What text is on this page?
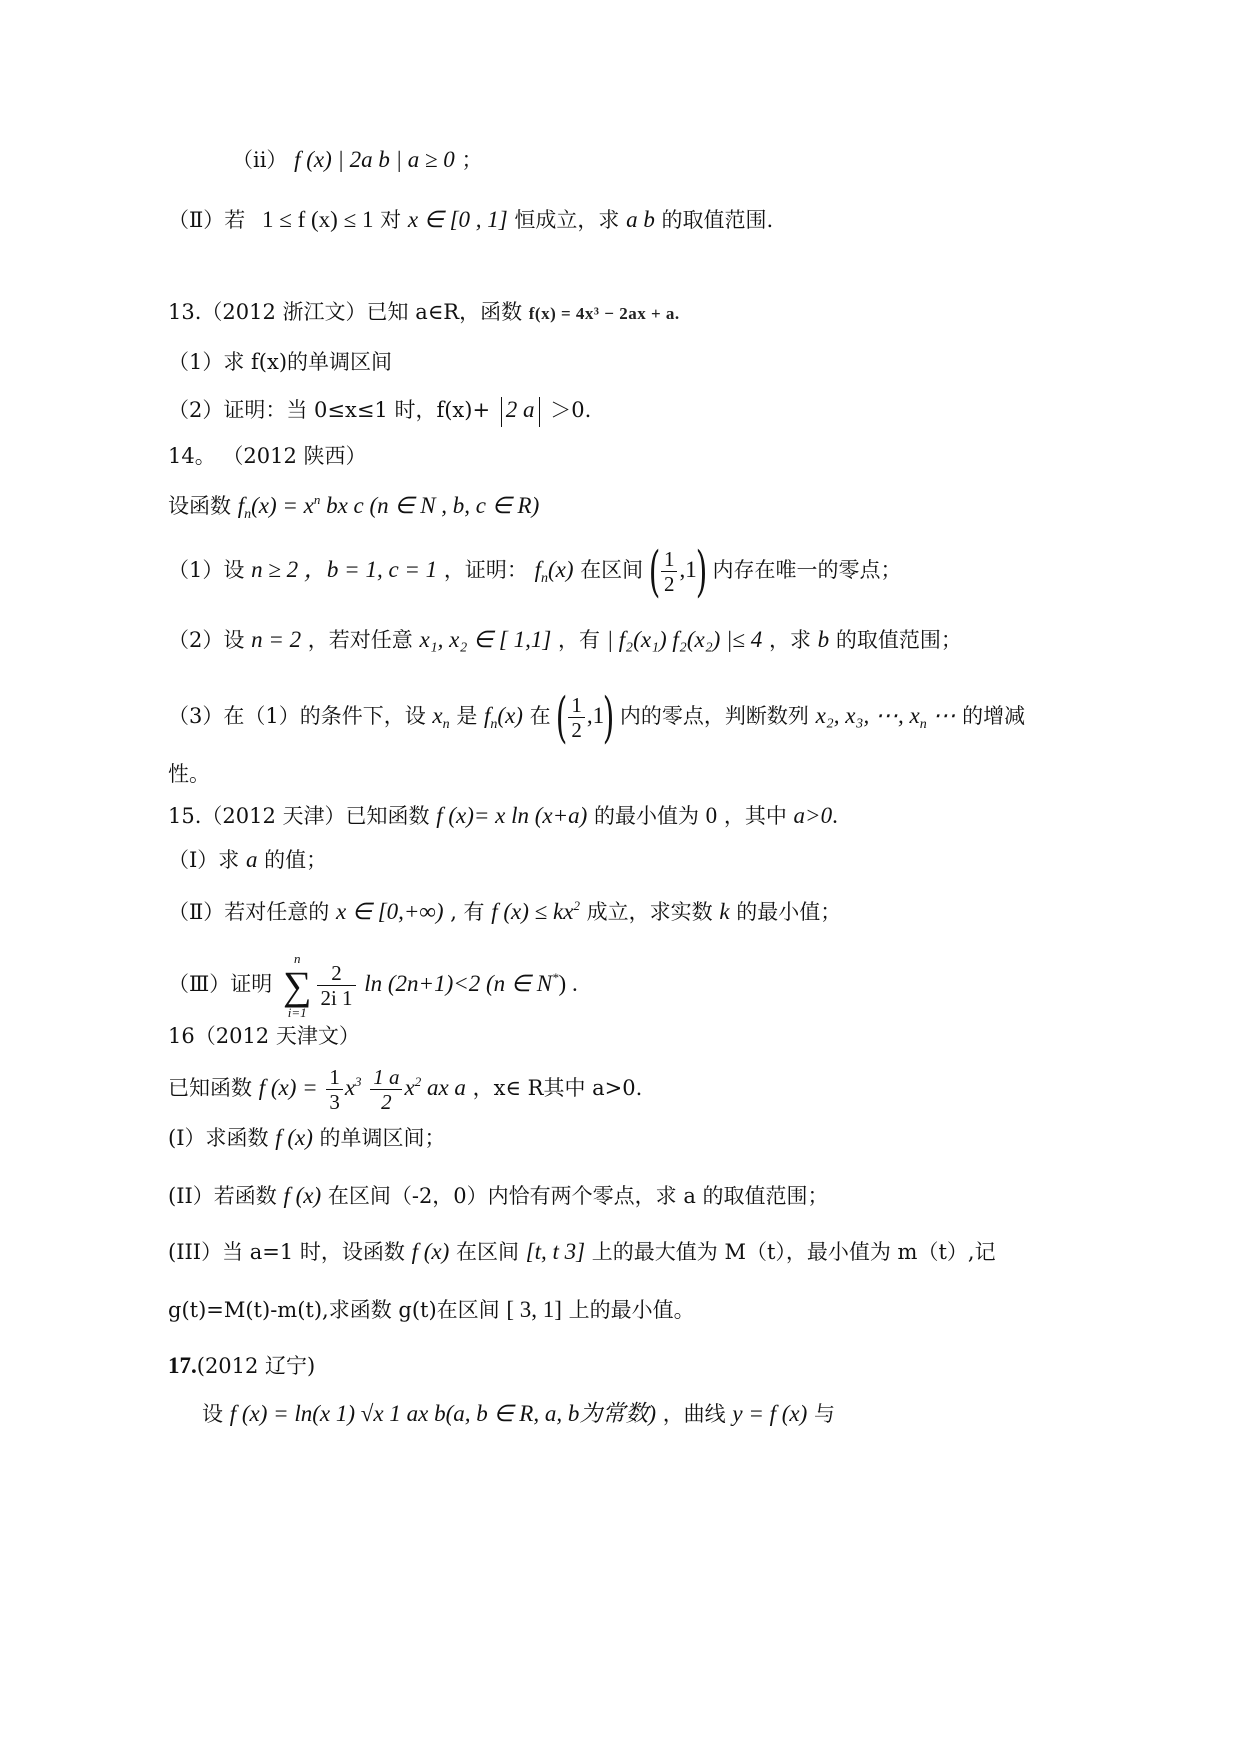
（ii） f (x) | 2a b | a ≥ 0 ；
（Ⅱ）若 1 ≤ f (x) ≤ 1 对 x ∈ [0 , 1] 恒成立，求 a b 的取值范围.
13.（2012 浙江文）已知 a∈R，函数 f(x) = 4x³ − 2ax + a.
（1）求 f(x)的单调区间
（2）证明：当 0≤x≤1 时，f(x)+ 2 a ＞0.
14。 （2012 陕西）
设函数 $f_n(x) = x^n$ bx c (n ∈ N , b, c ∈ R)
（1）设 n ≥ 2 ，b = 1, c = 1 ，证明： $f_n(x)$ 在区间 ( $\frac{1}{2} ,1$) 内存在唯一的零点；
（2）设 n = 2 ，若对任意 x₁, x₂ ∈ [ 1,1] ，有 | f₂(x₁) f₂(x₂) |≤ 4 ，求 b 的取值范围；
（3）在（1）的条件下，设 $x_n$ 是 $f_n(x)$ 在 ( $\frac{1}{2} ,1$) 内的零点，判断数列 x₂, x₃, ⋯, $x_n$ ⋯ 的增减
性。
15.（2012 天津）已知函数 f (x)= x ln (x+a) 的最小值为 0 ，其中 a>0.
（Ⅰ）求 a 的值；
（Ⅱ）若对任意的 x ∈ [0,+∞) , 有 f $(x) \le kx^2$ 成立，求实数 k 的最小值；
（Ⅲ）证明
n
∑
i=1
$\frac{2}{2i 1}$ ln (2n+1)<2 (n ∈ N*) .
16（2012 天津文）
已知函数 f $(x) = \frac{1}{3} x^3 \frac{1 a}{2} x^2$ ax a ，x∈ R其中 a>0.
(I）求函数 f (x) 的单调区间；
(II）若函数 f (x) 在区间（-2，0）内恰有两个零点，求 a 的取值范围；
(III）当 a=1 时，设函数 f (x) 在区间 [t, t 3] 上的最大值为 M（t），最小值为 m（t）,记
g(t)=M(t)-m(t),求函数 g(t)在区间 [ 3, 1] 上的最小值。
17.(2012 辽宁)
设 f (x) = ln(x 1) √x 1 ax b(a, b ∈ R, a, b为常数) ，曲线 y = f (x) 与
